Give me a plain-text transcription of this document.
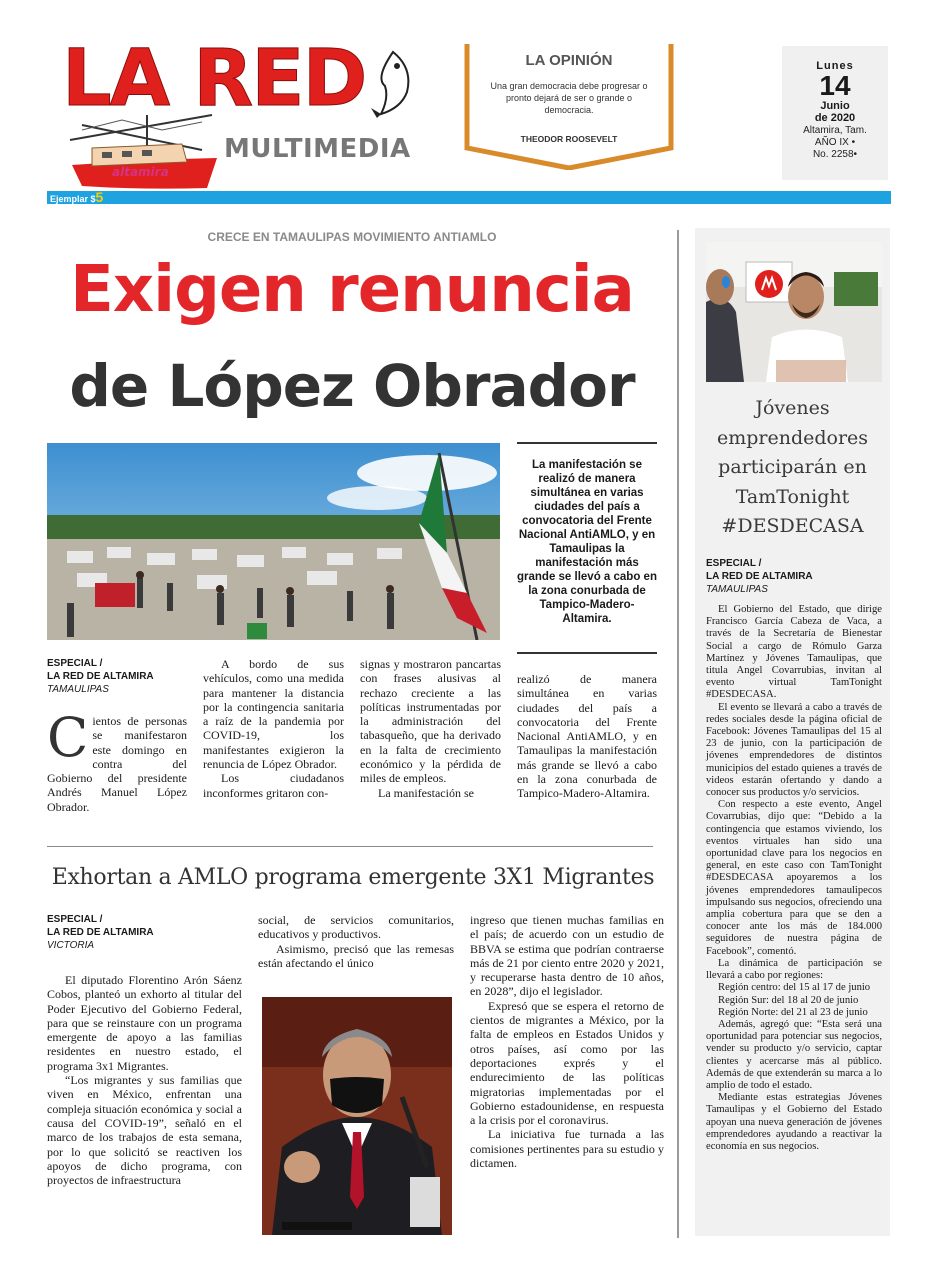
LA RED
MULTIMEDIA
altamira
LA OPINIÓN
Una gran democracia debe progresar o pronto dejará de ser o grande o democracia.
THEODOR ROOSEVELT
Lunes
14
Junio
de 2020
Altamira, Tam.
AÑO IX •
No. 2258•
Ejemplar $5
CRECE EN TAMAULIPAS MOVIMIENTO ANTIAMLO
Exigen renuncia
de López Obrador
La manifestación se realizó de manera simultánea en varias ciudades del país a convocatoria del Frente Nacional AntiAMLO, y en Tamaulipas la manifestación más grande se llevó a cabo en la zona conurbada de Tampico-Madero-Altamira.
ESPECIAL /
LA RED DE ALTAMIRA
TAMAULIPAS
Cientos de personas se manifestaron este domingo en contra del Gobierno del presidente Andrés Manuel López Obrador.

A bordo de sus vehículos, como una medida para mantener la distancia por la contingencia sanitaria a raíz de la pandemia por COVID-19, los manifestantes exigieron la renuncia de López Obrador.

Los ciudadanos inconformes gritaron con-

signas y mostraron pancartas con frases alusivas al rechazo creciente a las políticas instrumentadas por la administración del tabasqueño, que ha derivado en la falta de crecimiento económico y la pérdida de miles de empleos.

La manifestación se

realizó de manera simultánea en varias ciudades del país a convocatoria del Frente Nacional AntiAMLO, y en Tamaulipas la manifestación más grande se llevó a cabo en la zona conurbada de Tampico-Madero-Altamira.

Exhortan a AMLO programa emergente 3X1 Migrantes
ESPECIAL /
LA RED DE ALTAMIRA
VICTORIA

El diputado Florentino Arón Sáenz Cobos, planteó un exhorto al titular del Poder Ejecutivo del Gobierno Federal, para que se reinstaure con un programa emergente de apoyo a las familias residentes en nuestro estado, el programa 3x1 Migrantes.

“Los migrantes y sus familias que viven en México, enfrentan una compleja situación económica y social a causa del COVID-19”, señaló en el marco de los trabajos de esta semana, por lo que solicitó se reactiven los apoyos de dicho programa, con proyectos de infraestructura

social, de servicios comunitarios, educativos y productivos.

Asimismo, precisó que las remesas están afectando el único

ingreso que tienen muchas familias en el país; de acuerdo con un estudio de BBVA se estima que podrían contraerse más de 21 por ciento entre 2020 y 2021, y recuperarse hasta dentro de 10 años, en 2028”, dijo el legislador.

Expresó que se espera el retorno de cientos de migrantes a México, por la falta de empleos en Estados Unidos y otros países, así como por las deportaciones exprés y el endurecimiento de las políticas migratorias implementadas por el Gobierno estadounidense, en respuesta a la crisis por el coronavirus.

La iniciativa fue turnada a las comisiones pertinentes para su estudio y dictamen.

Jóvenes emprendedores participarán en TamTonight #DESDECASA
ESPECIAL /
LA RED DE ALTAMIRA
TAMAULIPAS

El Gobierno del Estado, que dirige Francisco García Cabeza de Vaca, a través de la Secretaría de Bienestar Social a cargo de Rómulo Garza Martínez y Jóvenes Tamaulipas, que titula Angel Covarrubias, invitan al evento virtual TamTonight #DESDECASA.

El evento se llevará a cabo a través de redes sociales desde la página oficial de Facebook: Jóvenes Tamaulipas del 15 al 23 de junio, con la participación de jóvenes emprendedores de distintos municipios del estado quienes a través de videos estarán ofertando y dando a conocer sus productos y/o servicios.

Con respecto a este evento, Angel Covarrubias, dijo que: “Debido a la contingencia que estamos viviendo, los eventos virtuales han sido una oportunidad clave para los negocios en general, en este caso con TamTonight #DESDECASA apoyaremos a los jóvenes emprendedores tamaulipecos impulsando sus negocios, ofreciendo una amplia cobertura para que se den a conocer ante los más de 184.000 seguidores de nuestra página de Facebook”, comentó.

La dinámica de participación se llevará a cabo por regiones:

Región centro: del 15 al 17 de junio

Región Sur: del 18 al 20 de junio

Región Norte: del 21 al 23 de junio

Además, agregó que: “Esta será una oportunidad para potenciar sus negocios, vender su producto y/o servicio, captar clientes y acercarse más al público. Además de que extenderán su marca a lo amplio de todo el estado.

Mediante estas estrategias Jóvenes Tamaulipas y el Gobierno del Estado apoyan una nueva generación de jóvenes emprendedores ayudando a reactivar la economía en sus negocios.
